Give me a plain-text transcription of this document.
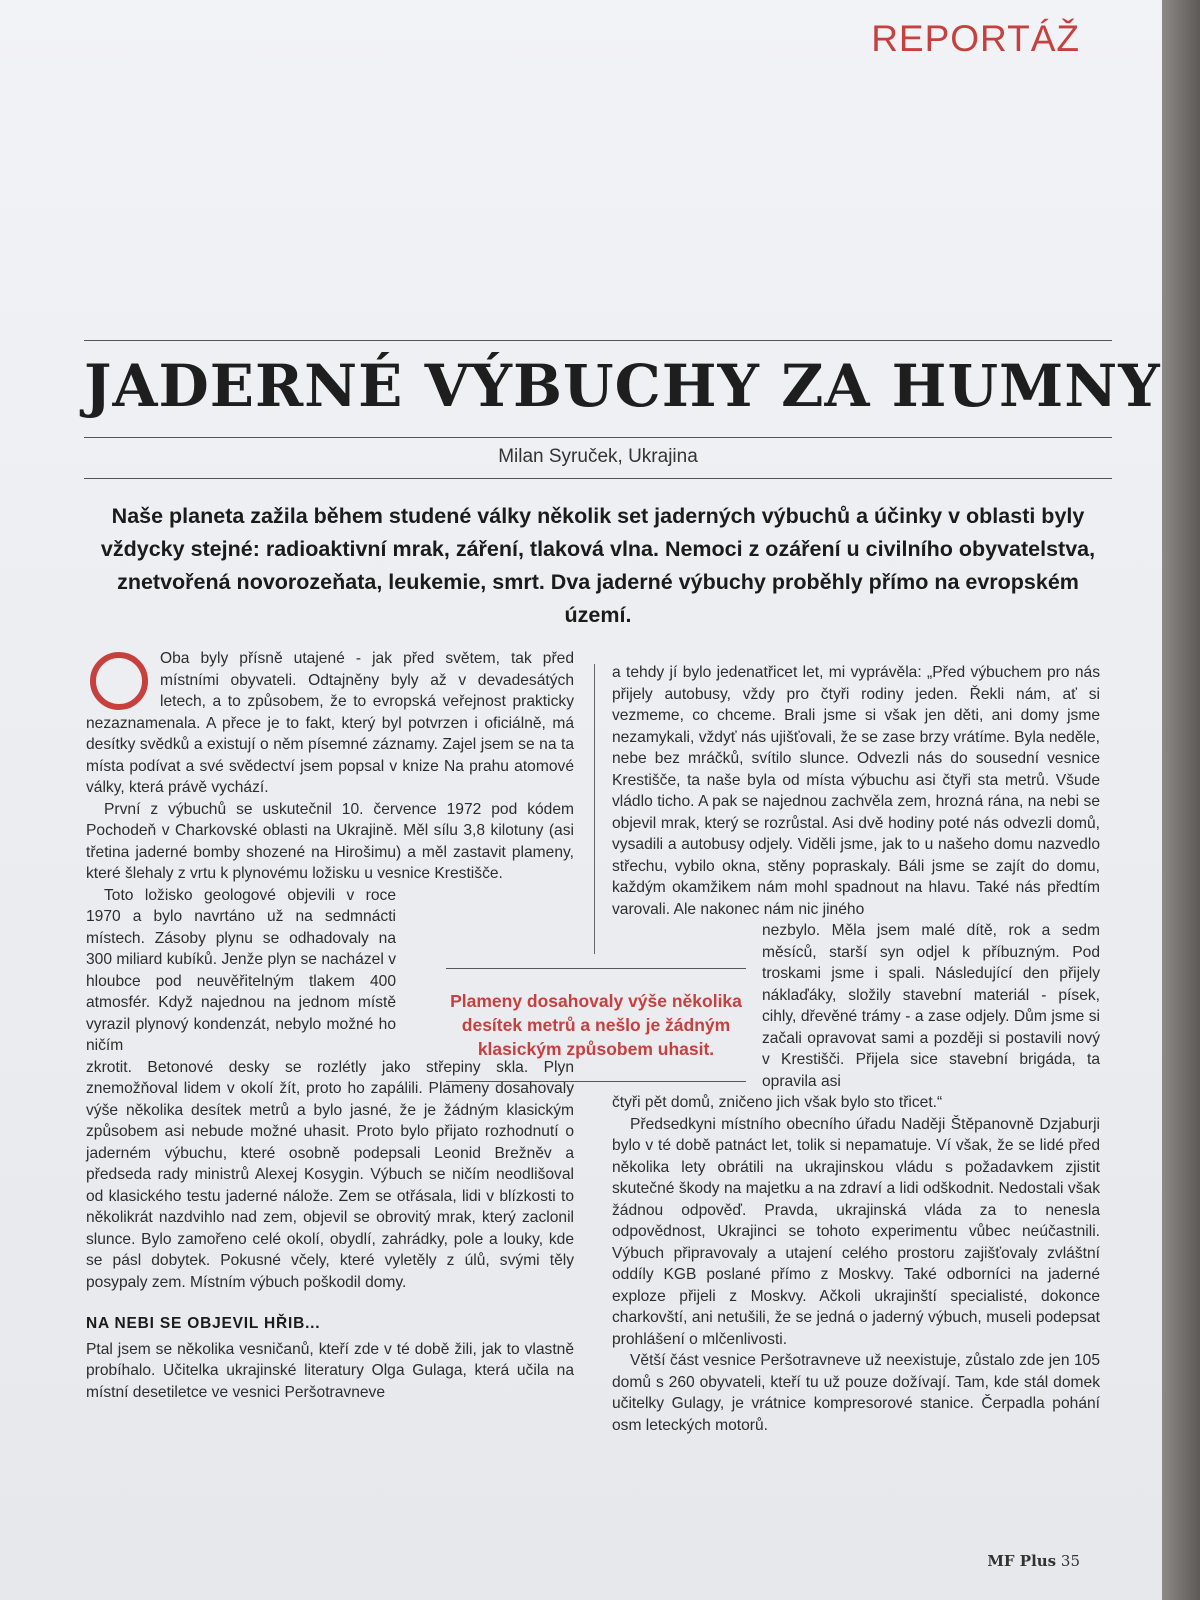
REPORTÁŽ
JADERNÉ VÝBUCHY ZA HUMNY
Milan Syruček, Ukrajina
Naše planeta zažila během studené války několik set jaderných výbuchů a účinky v oblasti byly vždycky stejné: radioaktivní mrak, záření, tlaková vlna. Nemoci z ozáření u civilního obyvatelstva, znetvořená novorozeňata, leukemie, smrt. Dva jaderné výbuchy proběhly přímo na evropském území.

Oba byly přísně utajené - jak před světem, tak před místními obyvateli. Odtajněny byly až v devadesátých letech, a to způsobem, že to evropská veřejnost prakticky nezaznamenala. A přece je to fakt, který byl potvrzen i oficiálně, má desítky svědků a existují o něm písemné záznamy. Zajel jsem se na ta místa podívat a své svědectví jsem popsal v knize Na prahu atomové války, která právě vychází.

První z výbuchů se uskutečnil 10. července 1972 pod kódem Pochodeň v Charkovské oblasti na Ukrajině. Měl sílu 3,8 kilotuny (asi třetina jaderné bomby shozené na Hirošimu) a měl zastavit plameny, které šlehaly z vrtu k plynovému ložisku u vesnice Krestišče.

Toto ložisko geologové objevili v roce 1970 a bylo navrtáno už na sedmnácti místech. Zásoby plynu se odhadovaly na 300 miliard kubíků. Jenže plyn se nacházel v hloubce pod neuvěřitelným tlakem 400 atmosfér. Když najednou na jednom místě vyrazil plynový kondenzát, nebylo možné ho ničím

zkrotit. Betonové desky se rozlétly jako střepiny skla. Plyn znemožňoval lidem v okolí žít, proto ho zapálili. Plameny dosahovaly výše několika desítek metrů a bylo jasné, že je žádným klasickým způsobem asi nebude možné uhasit. Proto bylo přijato rozhodnutí o jaderném výbuchu, které osobně podepsali Leonid Brežněv a předseda rady ministrů Alexej Kosygin. Výbuch se ničím neodlišoval od klasického testu jaderné nálože. Zem se otřásala, lidi v blízkosti to několikrát nazdvihlo nad zem, objevil se obrovitý mrak, který zaclonil slunce. Bylo zamořeno celé okolí, obydlí, zahrádky, pole a louky, kde se pásl dobytek. Pokusné včely, které vyletěly z úlů, svými těly posypaly zem. Místním výbuch poškodil domy.

NA NEBI SE OBJEVIL HŘIB...

Ptal jsem se několika vesničanů, kteří zde v té době žili, jak to vlastně probíhalo. Učitelka ukrajinské literatury Olga Gulaga, která učila na místní desetiletce ve vesnici Peršotravneve

a tehdy jí bylo jedenatřicet let, mi vyprávěla: „Před výbuchem pro nás přijely autobusy, vždy pro čtyři rodiny jeden. Řekli nám, ať si vezmeme, co chceme. Brali jsme si však jen děti, ani domy jsme nezamykali, vždyť nás ujišťovali, že se zase brzy vrátíme. Byla neděle, nebe bez mráčků, svítilo slunce. Odvezli nás do sousední vesnice Krestišče, ta naše byla od místa výbuchu asi čtyři sta metrů. Všude vládlo ticho. A pak se najednou zachvěla zem, hrozná rána, na nebi se objevil mrak, který se rozrůstal. Asi dvě hodiny poté nás odvezli domů, vysadili a autobusy odjely. Viděli jsme, jak to u našeho domu nazvedlo střechu, vybilo okna, stěny popraskaly. Báli jsme se zajít do domu, každým okamžikem nám mohl spadnout na hlavu. Také nás předtím varovali. Ale nakonec nám nic jiného

nezbylo. Měla jsem malé dítě, rok a sedm měsíců, starší syn odjel k příbuzným. Pod troskami jsme i spali. Následující den přijely náklaďáky, složily stavební materiál - písek, cihly, dřevěné trámy - a zase odjely. Dům jsme si začali opravovat sami a později si postavili nový v Krestišči. Přijela sice stavební brigáda, ta opravila asi

čtyři pět domů, zničeno jich však bylo sto třicet.“

Předsedkyni místního obecního úřadu Naději Štěpanovně Dzjaburji bylo v té době patnáct let, tolik si nepamatuje. Ví však, že se lidé před několika lety obrátili na ukrajinskou vládu s požadavkem zjistit skutečné škody na majetku a na zdraví a lidi odškodnit. Nedostali však žádnou odpověď. Pravda, ukrajinská vláda za to nenesla odpovědnost, Ukrajinci se tohoto experimentu vůbec neúčastnili. Výbuch připravovaly a utajení celého prostoru zajišťovaly zvláštní oddíly KGB poslané přímo z Moskvy. Také odborníci na jaderné exploze přijeli z Moskvy. Ačkoli ukrajinští specialisté, dokonce charkovští, ani netušili, že se jedná o jaderný výbuch, museli podepsat prohlášení o mlčenlivosti.

Větší část vesnice Peršotravneve už neexistuje, zůstalo zde jen 105 domů s 260 obyvateli, kteří tu už pouze dožívají. Tam, kde stál domek učitelky Gulagy, je vrátnice kompresorové stanice. Čerpadla pohání osm leteckých motorů.

Plameny dosahovaly výše několika desítek metrů a nešlo je žádným klasickým způsobem uhasit.
MF Plus 35
